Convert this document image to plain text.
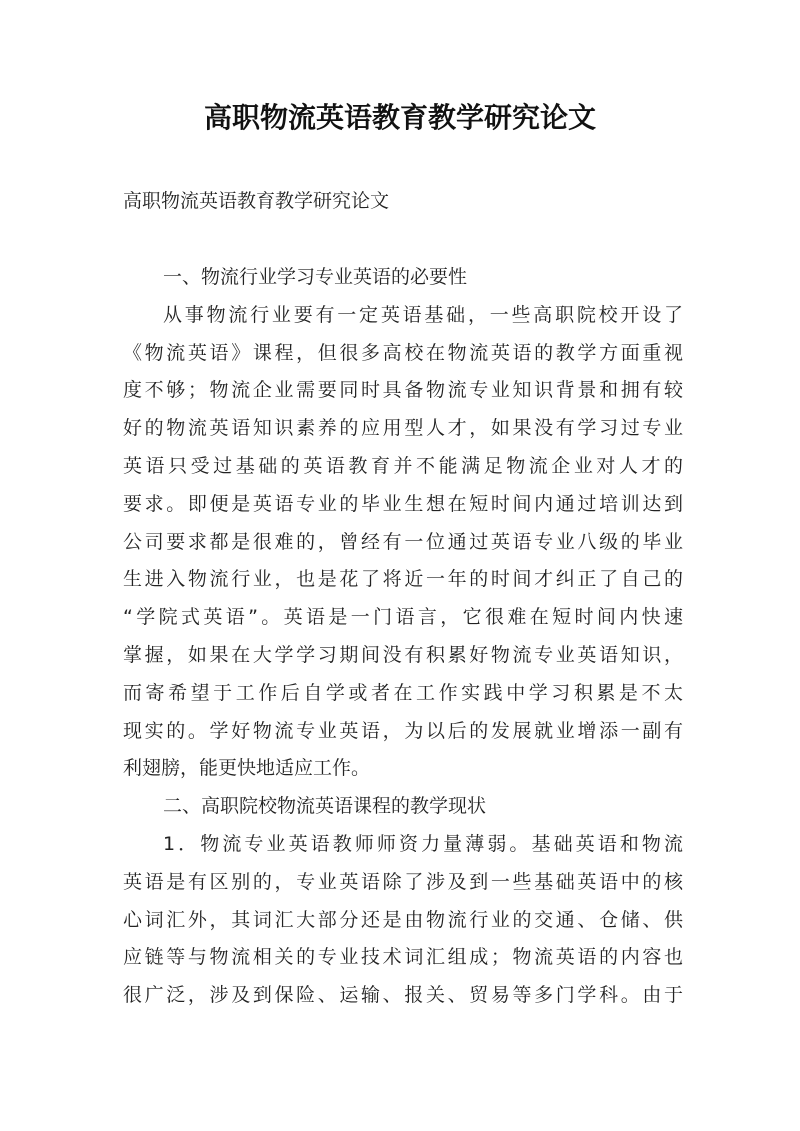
高职物流英语教育教学研究论文

高职物流英语教育教学研究论文

一、物流行业学习专业英语的必要性
从事物流行业要有一定英语基础，一些高职院校开设了
《物流英语》课程，但很多高校在物流英语的教学方面重视
度不够；物流企业需要同时具备物流专业知识背景和拥有较
好的物流英语知识素养的应用型人才，如果没有学习过专业
英语只受过基础的英语教育并不能满足物流企业对人才的
要求。即便是英语专业的毕业生想在短时间内通过培训达到
公司要求都是很难的，曾经有一位通过英语专业八级的毕业
生进入物流行业，也是花了将近一年的时间才纠正了自己的
“学院式英语”。英语是一门语言，它很难在短时间内快速
掌握，如果在大学学习期间没有积累好物流专业英语知识，
而寄希望于工作后自学或者在工作实践中学习积累是不太
现实的。学好物流专业英语，为以后的发展就业增添一副有
利翅膀，能更快地适应工作。
二、高职院校物流英语课程的教学现状
1．物流专业英语教师师资力量薄弱。基础英语和物流
英语是有区别的，专业英语除了涉及到一些基础英语中的核
心词汇外，其词汇大部分还是由物流行业的交通、仓储、供
应链等与物流相关的专业技术词汇组成；物流英语的内容也
很广泛，涉及到保险、运输、报关、贸易等多门学科。由于
